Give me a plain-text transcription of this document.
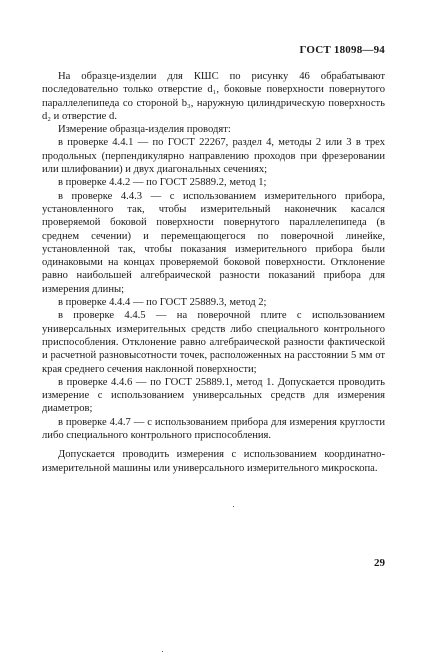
ГОСТ 18098—94

На образце-изделии для КШС по рисунку 46 обрабатывают последовательно только отверстие d₁, боковые поверхности повернутого параллелепипеда со стороной b₃, наружную цилиндрическую поверхность d₂ и отверстие d.

Измерение образца-изделия проводят:

в проверке 4.4.1 — по ГОСТ 22267, раздел 4, методы 2 или 3 в трех продольных (перпендикулярно направлению проходов при фрезеровании или шлифовании) и двух диагональных сечениях;

в проверке 4.4.2 — по ГОСТ 25889.2, метод 1;

в проверке 4.4.3 — с использованием измерительного прибора, установленного так, чтобы измерительный наконечник касался проверяемой боковой поверхности повернутого параллелепипеда (в среднем сечении) и перемещающегося по поверочной линейке, установленной так, чтобы показания измерительного прибора были одинаковыми на концах проверяемой боковой поверхности. Отклонение равно наибольшей алгебраической разности показаний прибора для измерения длины;

в проверке 4.4.4 — по ГОСТ 25889.3, метод 2;

в проверке 4.4.5 — на поверочной плите с использованием универсальных измерительных средств либо специального контрольного приспособления. Отклонение равно алгебраической разности фактической и расчетной разновысотности точек, расположенных на расстоянии 5 мм от края среднего сечения наклонной поверхности;

в проверке 4.4.6 — по ГОСТ 25889.1, метод 1. Допускается проводить измерение с использованием универсальных средств для измерения диаметров;

в проверке 4.4.7 — с использованием прибора для измерения круглости либо специального контрольного приспособления.

Допускается проводить измерения с использованием координатно-измерительной машины или универсального измерительного микроскопа.

29
